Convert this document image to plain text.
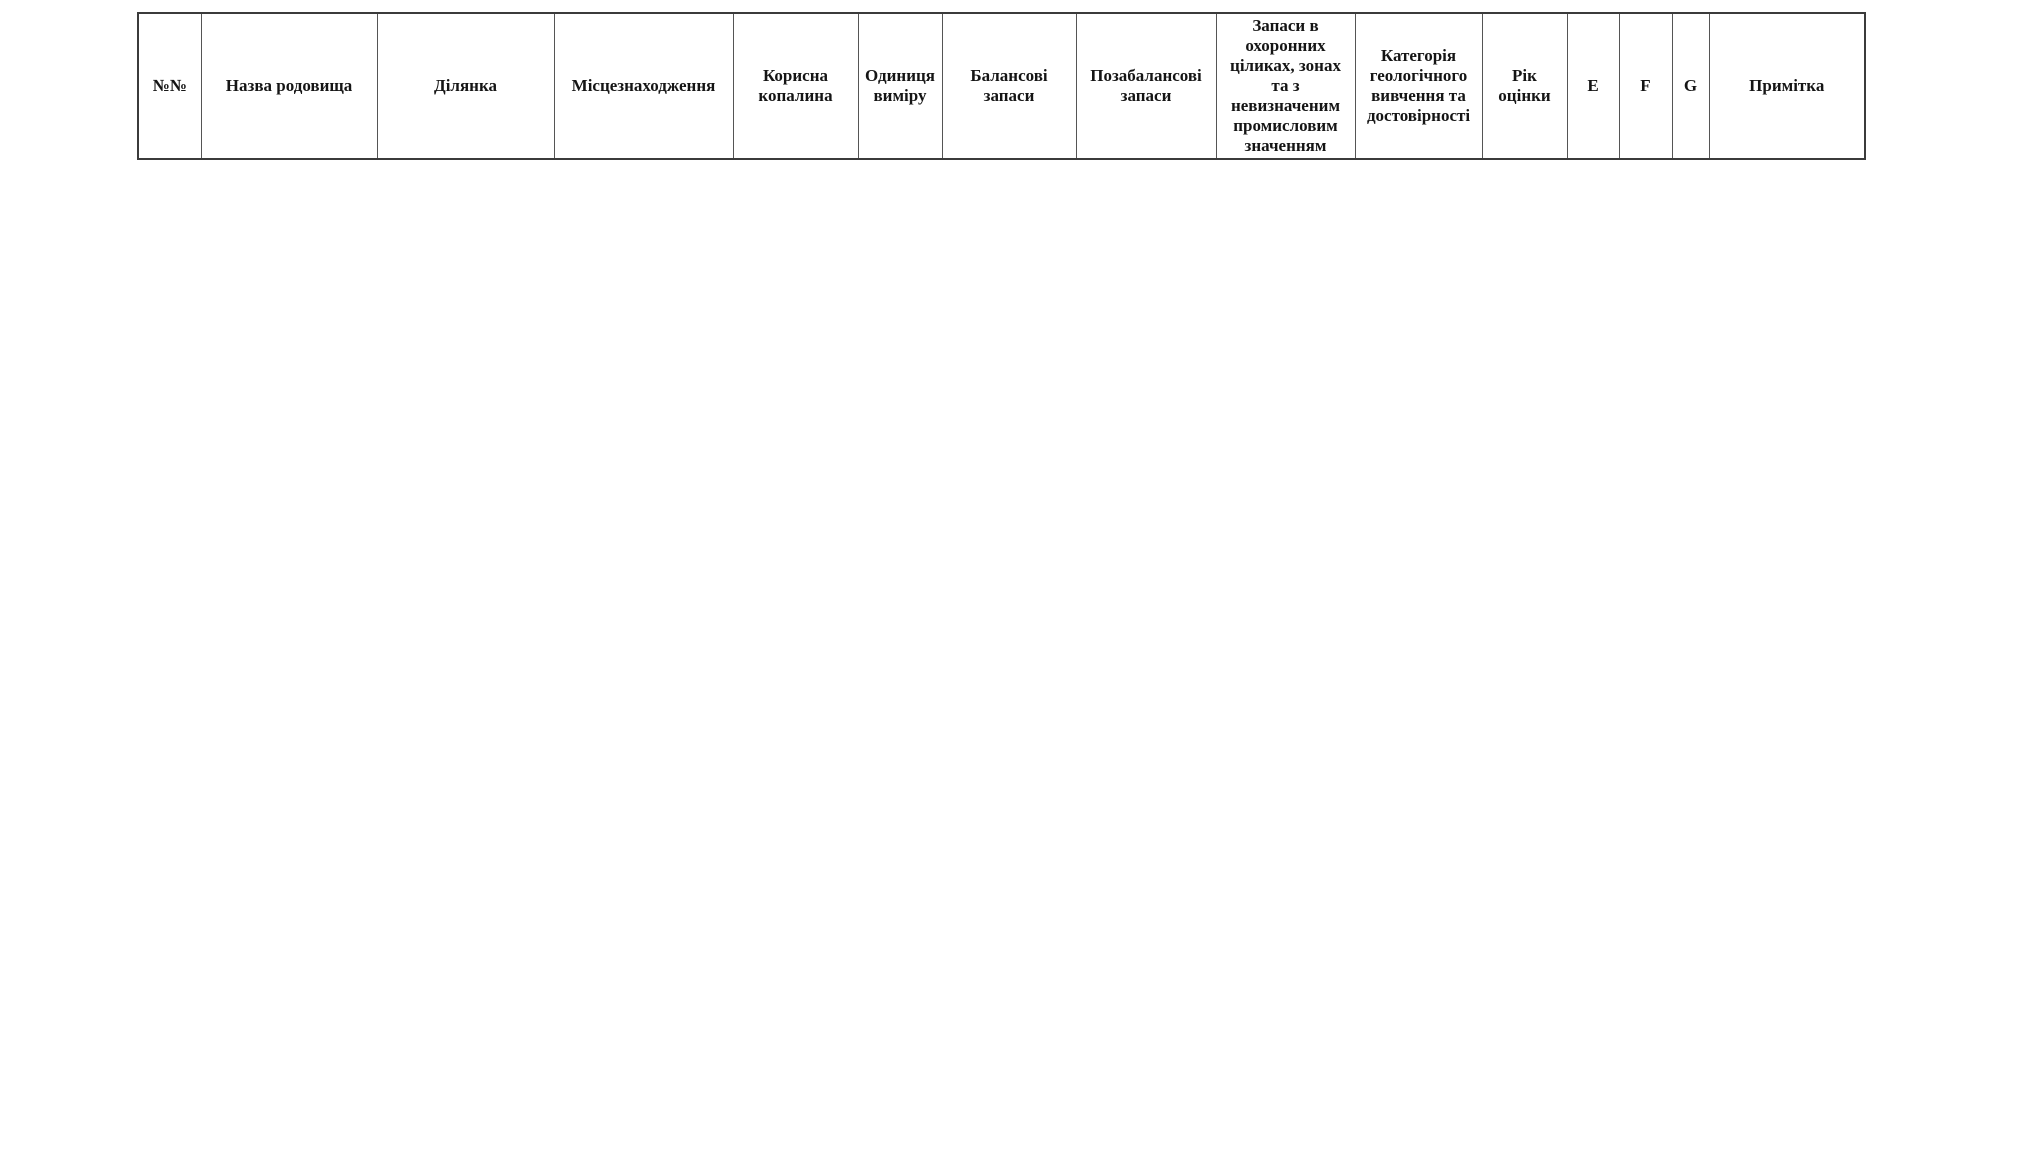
№№	Назва родовища	Ділянка	Місцезнаходження	Корисна копалина	Одиниця виміру	Балансові запаси	Позабалансові запаси	Запаси в охоронних ціликах, зонах та з невизначеним промисловим значенням	Категорія геологічного вивчення та достовірності	Рік оцінки	E	F	G	Примітка
